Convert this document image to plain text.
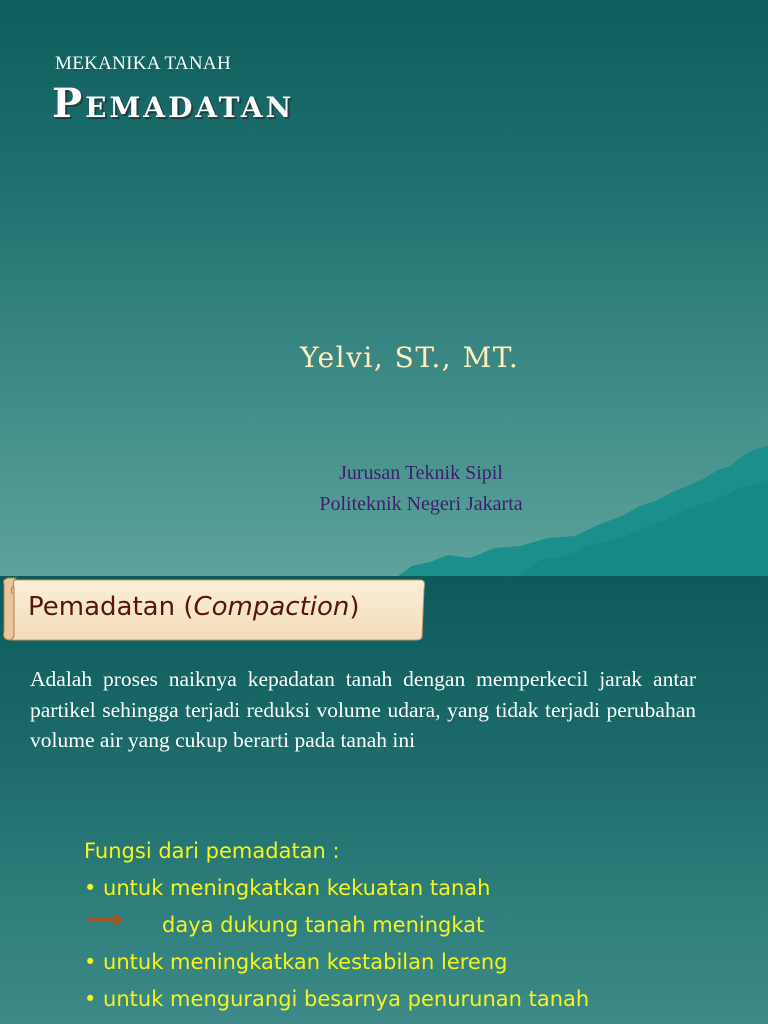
MEKANIKA TANAH
Pemadatan
Yelvi, ST., MT.
Jurusan Teknik Sipil
Politeknik Negeri Jakarta
Pemadatan (Compaction)
Adalah proses naiknya kepadatan tanah dengan memperkecil jarak antar partikel sehingga terjadi reduksi volume udara, yang tidak terjadi perubahan volume air yang cukup berarti pada tanah ini
Fungsi dari pemadatan :
• untuk meningkatkan kekuatan tanah
daya dukung tanah meningkat
• untuk meningkatkan kestabilan lereng
• untuk mengurangi besarnya penurunan tanah
